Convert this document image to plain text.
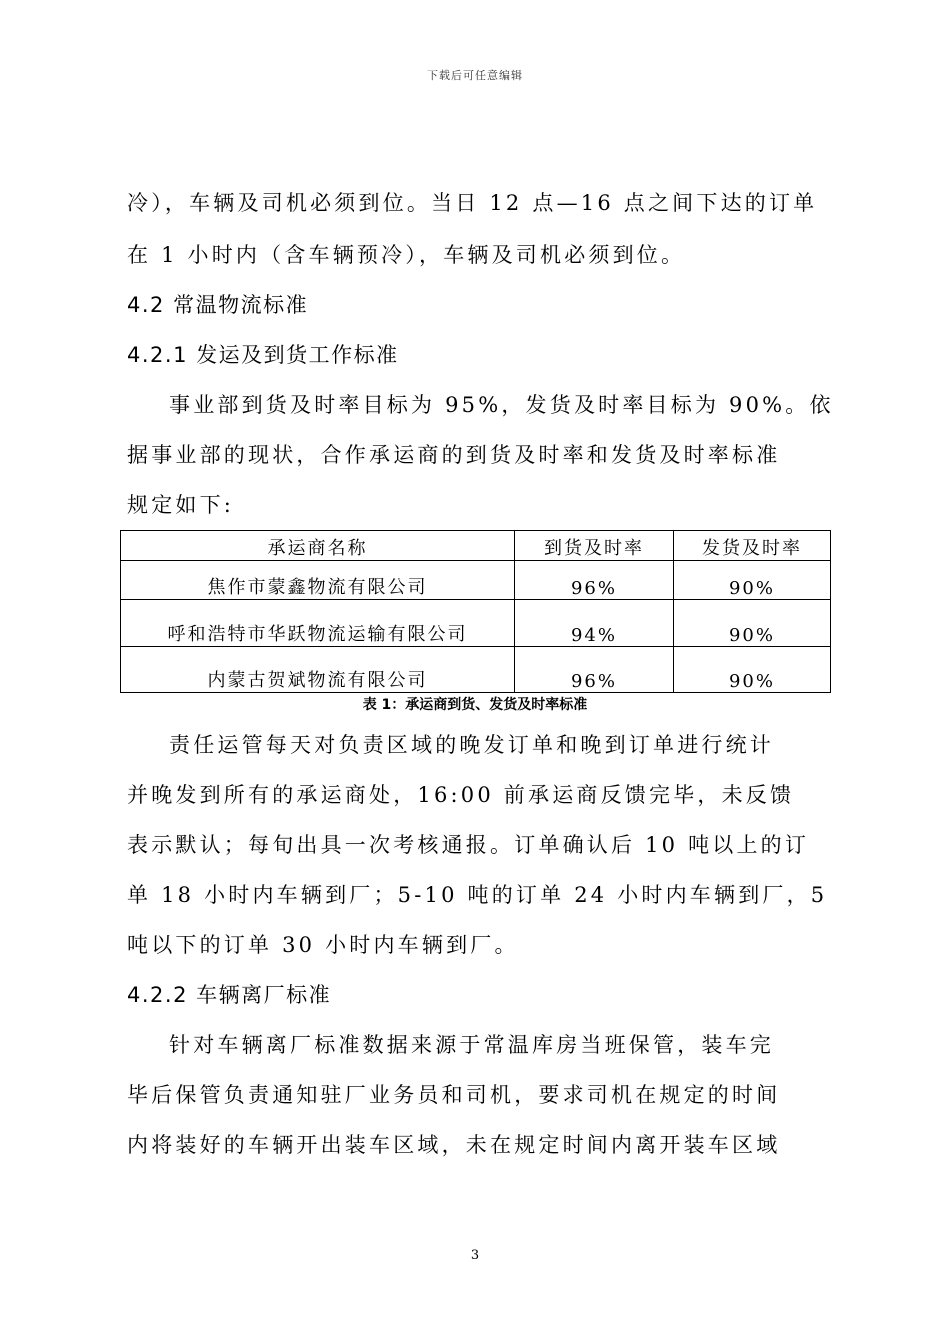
下载后可任意编辑
冷），车辆及司机必须到位。当日 12 点—16 点之间下达的订单
在 1 小时内（含车辆预冷），车辆及司机必须到位。
4.2 常温物流标准
4.2.1 发运及到货工作标准
事业部到货及时率目标为 95%，发货及时率目标为 90%。依
据事业部的现状，合作承运商的到货及时率和发货及时率标准
规定如下:
承运商名称	到货及时率	发货及时率
焦作市蒙鑫物流有限公司	96%	90%
呼和浩特市华跃物流运输有限公司	94%	90%
内蒙古贺斌物流有限公司	96%	90%
表 1：承运商到货、发货及时率标准
责任运管每天对负责区域的晚发订单和晚到订单进行统计
并晚发到所有的承运商处，16:00 前承运商反馈完毕，未反馈
表示默认；每旬出具一次考核通报。订单确认后 10 吨以上的订
单 18 小时内车辆到厂；5-10 吨的订单 24 小时内车辆到厂，5
吨以下的订单 30 小时内车辆到厂。
4.2.2 车辆离厂标准
针对车辆离厂标准数据来源于常温库房当班保管，装车完
毕后保管负责通知驻厂业务员和司机，要求司机在规定的时间
内将装好的车辆开出装车区域，未在规定时间内离开装车区域
3
